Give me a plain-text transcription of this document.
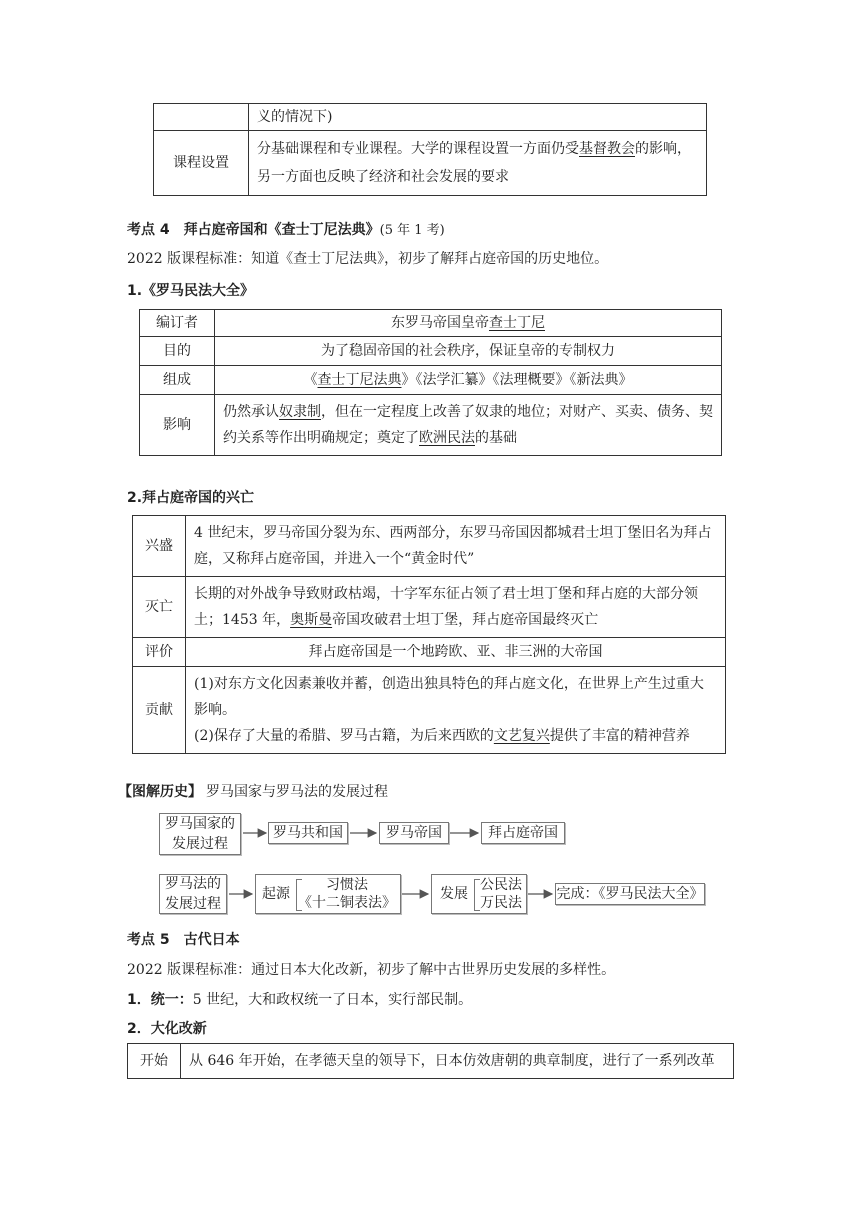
	义的情况下)
课程设置	分基础课程和专业课程。大学的课程设置一方面仍受基督教会的影响，另一方面也反映了经济和社会发展的要求
考点 4　拜占庭帝国和《查士丁尼法典》(5 年 1 考)
2022 版课程标准：知道《查士丁尼法典》，初步了解拜占庭帝国的历史地位。
1.《罗马民法大全》
编订者	东罗马帝国皇帝查士丁尼
目的	为了稳固帝国的社会秩序，保证皇帝的专制权力
组成	《查士丁尼法典》《法学汇纂》《法理概要》《新法典》
影响	仍然承认奴隶制，但在一定程度上改善了奴隶的地位；对财产、买卖、债务、契约关系等作出明确规定；奠定了欧洲民法的基础
2.拜占庭帝国的兴亡
兴盛	4 世纪末，罗马帝国分裂为东、西两部分，东罗马帝国因都城君士坦丁堡旧名为拜占庭，又称拜占庭帝国，并进入一个“黄金时代”
灭亡	长期的对外战争导致财政枯竭，十字军东征占领了君士坦丁堡和拜占庭的大部分领土；1453 年，奥斯曼帝国攻破君士坦丁堡，拜占庭帝国最终灭亡
评价	拜占庭帝国是一个地跨欧、亚、非三洲的大帝国
贡献	(1)对东方文化因素兼收并蓄，创造出独具特色的拜占庭文化，在世界上产生过重大影响。
(2)保存了大量的希腊、罗马古籍，为后来西欧的文艺复兴提供了丰富的精神营养
【图解历史】 罗马国家与罗马法的发展过程
罗马国家的发展过程
罗马共和国	罗马帝国	拜占庭帝国
罗马法的发展过程
起源
习惯法
《十二铜表法》
发展
公民法
万民法
完成：《罗马民法大全》
考点 5　古代日本
2022 版课程标准：通过日本大化改新，初步了解中古世界历史发展的多样性。
1．统一：5 世纪，大和政权统一了日本，实行部民制。
2．大化改新
开始	从 646 年开始，在孝德天皇的领导下，日本仿效唐朝的典章制度，进行了一系列改革
